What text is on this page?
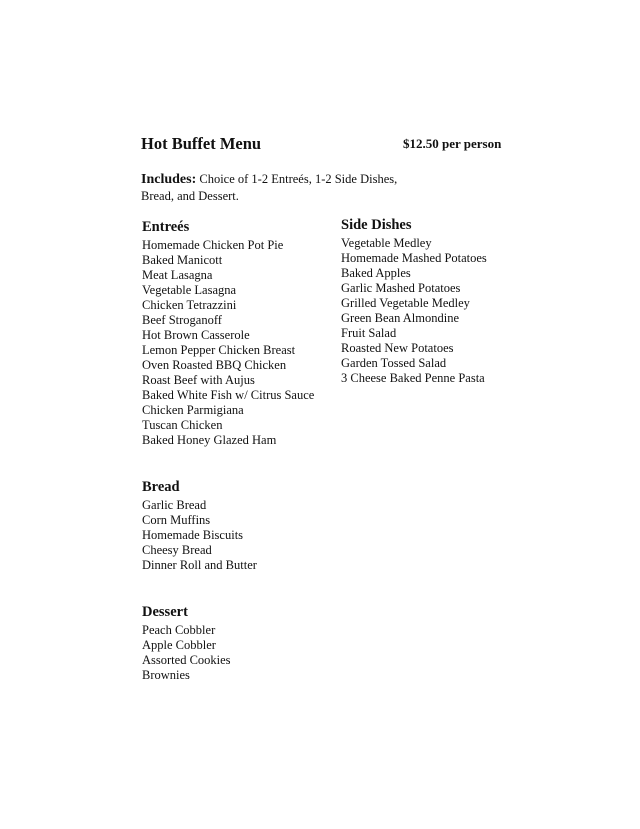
Hot Buffet Menu	$12.50 per person

Includes: Choice of 1-2 Entreés, 1-2 Side Dishes, Bread, and Dessert.

Entreés
Homemade Chicken Pot Pie
Baked Manicott
Meat Lasagna
Vegetable Lasagna
Chicken Tetrazzini
Beef Stroganoff
Hot Brown Casserole
Lemon Pepper Chicken Breast
Oven Roasted BBQ Chicken
Roast Beef with Aujus
Baked White Fish w/ Citrus Sauce
Chicken Parmigiana
Tuscan Chicken
Baked Honey Glazed Ham
Side Dishes
Vegetable Medley
Homemade Mashed Potatoes
Baked Apples
Garlic Mashed Potatoes
Grilled Vegetable Medley
Green Bean Almondine
Fruit Salad
Roasted New Potatoes
Garden Tossed Salad
3 Cheese Baked Penne Pasta
Bread
Garlic Bread
Corn Muffins
Homemade Biscuits
Cheesy Bread
Dinner Roll and Butter
Dessert
Peach Cobbler
Apple Cobbler
Assorted Cookies
Brownies
